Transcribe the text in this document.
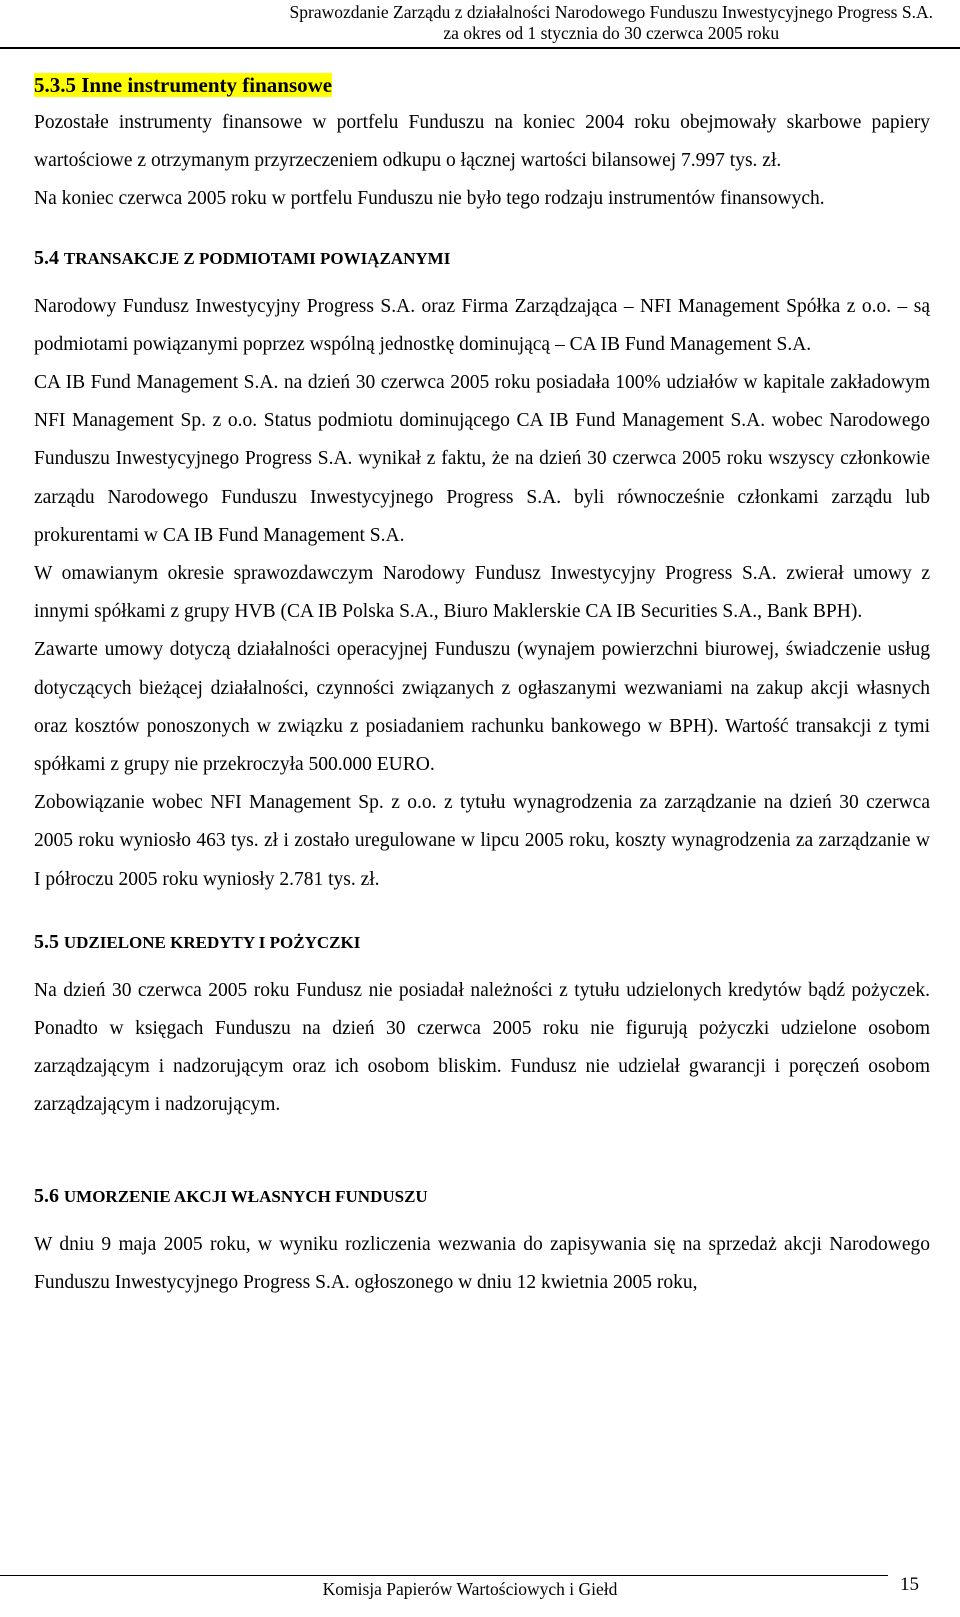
Sprawozdanie Zarządu z działalności Narodowego Funduszu Inwestycyjnego Progress S.A.
za okres od 1 stycznia do 30 czerwca 2005 roku
5.3.5 Inne instrumenty finansowe

Pozostałe instrumenty finansowe w portfelu Funduszu na koniec 2004 roku obejmowały skarbowe papiery wartościowe z otrzymanym przyrzeczeniem odkupu o łącznej wartości bilansowej 7.997 tys. zł.

Na koniec czerwca 2005 roku w portfelu Funduszu nie było tego rodzaju instrumentów finansowych.

5.4 TRANSAKCJE Z PODMIOTAMI POWIĄZANYMI

Narodowy Fundusz Inwestycyjny Progress S.A. oraz Firma Zarządzająca – NFI Management Spółka z o.o. – są podmiotami powiązanymi poprzez wspólną jednostkę dominującą – CA IB Fund Management S.A.

CA IB Fund Management S.A. na dzień 30 czerwca 2005 roku posiadała 100% udziałów w kapitale zakładowym NFI Management Sp. z o.o. Status podmiotu dominującego CA IB Fund Management S.A. wobec Narodowego Funduszu Inwestycyjnego Progress S.A. wynikał z faktu, że na dzień 30 czerwca 2005 roku wszyscy członkowie zarządu Narodowego Funduszu Inwestycyjnego Progress S.A. byli równocześnie członkami zarządu lub prokurentami w CA IB Fund Management S.A.

W omawianym okresie sprawozdawczym Narodowy Fundusz Inwestycyjny Progress S.A. zwierał umowy z innymi spółkami z grupy HVB (CA IB Polska S.A., Biuro Maklerskie CA IB Securities S.A., Bank BPH).

Zawarte umowy dotyczą działalności operacyjnej Funduszu (wynajem powierzchni biurowej, świadczenie usług dotyczących bieżącej działalności, czynności związanych z ogłaszanymi wezwaniami na zakup akcji własnych oraz kosztów ponoszonych w związku z posiadaniem rachunku bankowego w BPH). Wartość transakcji z tymi spółkami z grupy nie przekroczyła 500.000 EURO.

Zobowiązanie wobec NFI Management Sp. z o.o. z tytułu wynagrodzenia za zarządzanie na dzień 30 czerwca 2005 roku wyniosło 463 tys. zł i zostało uregulowane w lipcu 2005 roku, koszty wynagrodzenia za zarządzanie w I półroczu 2005 roku wyniosły 2.781 tys. zł.

5.5 UDZIELONE KREDYTY I POŻYCZKI

Na dzień 30 czerwca 2005 roku Fundusz nie posiadał należności z tytułu udzielonych kredytów bądź pożyczek. Ponadto w księgach Funduszu na dzień 30 czerwca 2005 roku nie figurują pożyczki udzielone osobom zarządzającym i nadzorującym oraz ich osobom bliskim. Fundusz nie udzielał gwarancji i poręczeń osobom zarządzającym i nadzorującym.

5.6 UMORZENIE AKCJI WŁASNYCH FUNDUSZU

W dniu 9 maja 2005 roku, w wyniku rozliczenia wezwania do zapisywania się na sprzedaż akcji Narodowego Funduszu Inwestycyjnego Progress S.A. ogłoszonego w dniu 12 kwietnia 2005 roku,

Komisja Papierów Wartościowych i Giełd	15
